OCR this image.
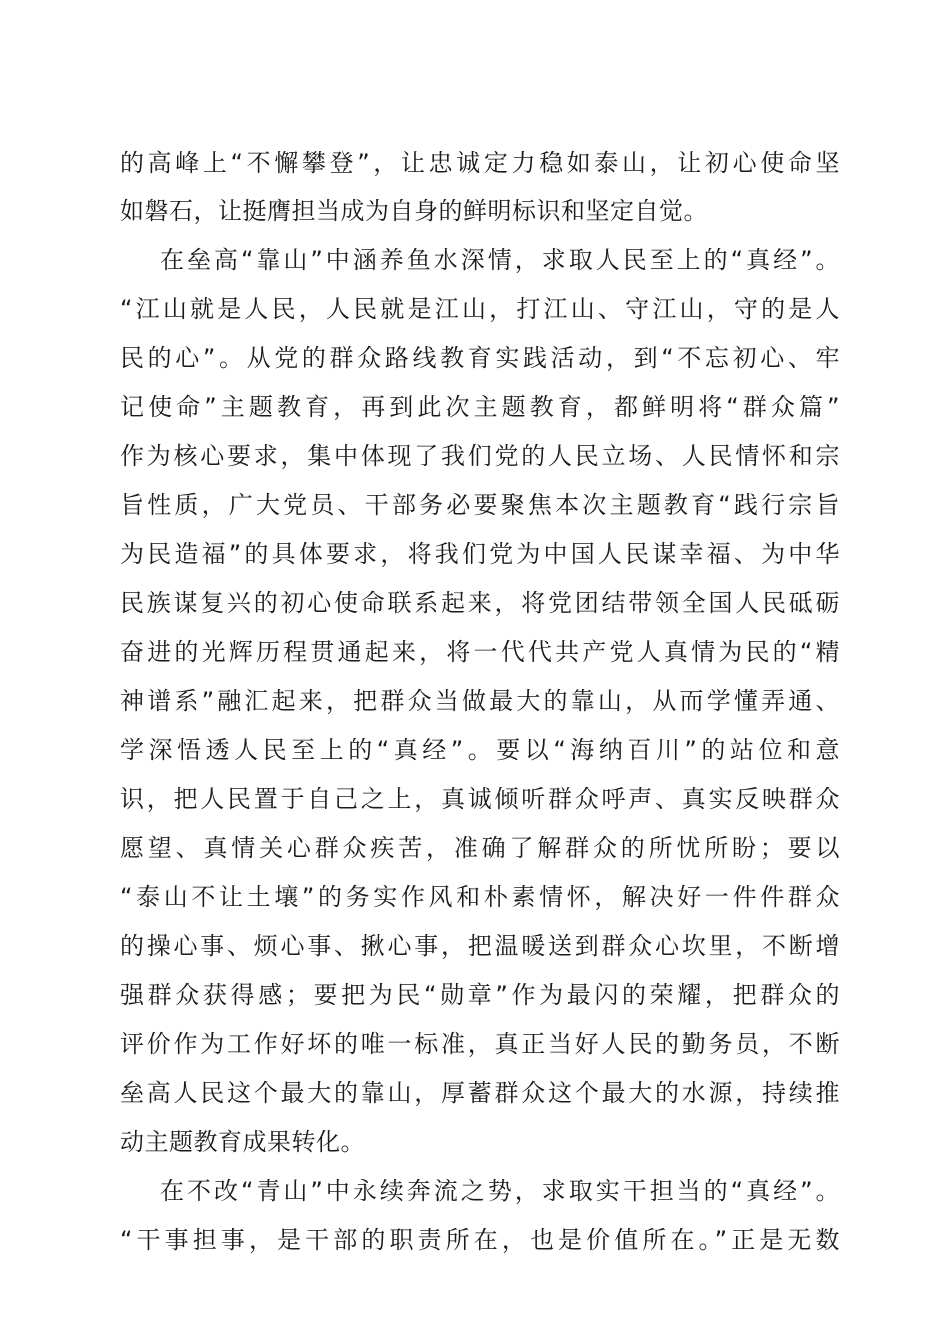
的高峰上“不懈攀登”，让忠诚定力稳如泰山，让初心使命坚
如磐石，让挺膺担当成为自身的鲜明标识和坚定自觉。
在垒高“靠山”中涵养鱼水深情，求取人民至上的“真经”。
“江山就是人民，人民就是江山，打江山、守江山，守的是人
民的心”。从党的群众路线教育实践活动，到“不忘初心、牢
记使命”主题教育，再到此次主题教育，都鲜明将“群众篇”
作为核心要求，集中体现了我们党的人民立场、人民情怀和宗
旨性质，广大党员、干部务必要聚焦本次主题教育“践行宗旨
为民造福”的具体要求，将我们党为中国人民谋幸福、为中华
民族谋复兴的初心使命联系起来，将党团结带领全国人民砥砺
奋进的光辉历程贯通起来，将一代代共产党人真情为民的“精
神谱系”融汇起来，把群众当做最大的靠山，从而学懂弄通、
学深悟透人民至上的“真经”。要以“海纳百川”的站位和意
识，把人民置于自己之上，真诚倾听群众呼声、真实反映群众
愿望、真情关心群众疾苦，准确了解群众的所忧所盼；要以
“泰山不让土壤”的务实作风和朴素情怀，解决好一件件群众
的操心事、烦心事、揪心事，把温暖送到群众心坎里，不断增
强群众获得感；要把为民“勋章”作为最闪的荣耀，把群众的
评价作为工作好坏的唯一标准，真正当好人民的勤务员，不断
垒高人民这个最大的靠山，厚蓄群众这个最大的水源，持续推
动主题教育成果转化。
在不改“青山”中永续奔流之势，求取实干担当的“真经”。
“干事担事，是干部的职责所在，也是价值所在。”正是无数
